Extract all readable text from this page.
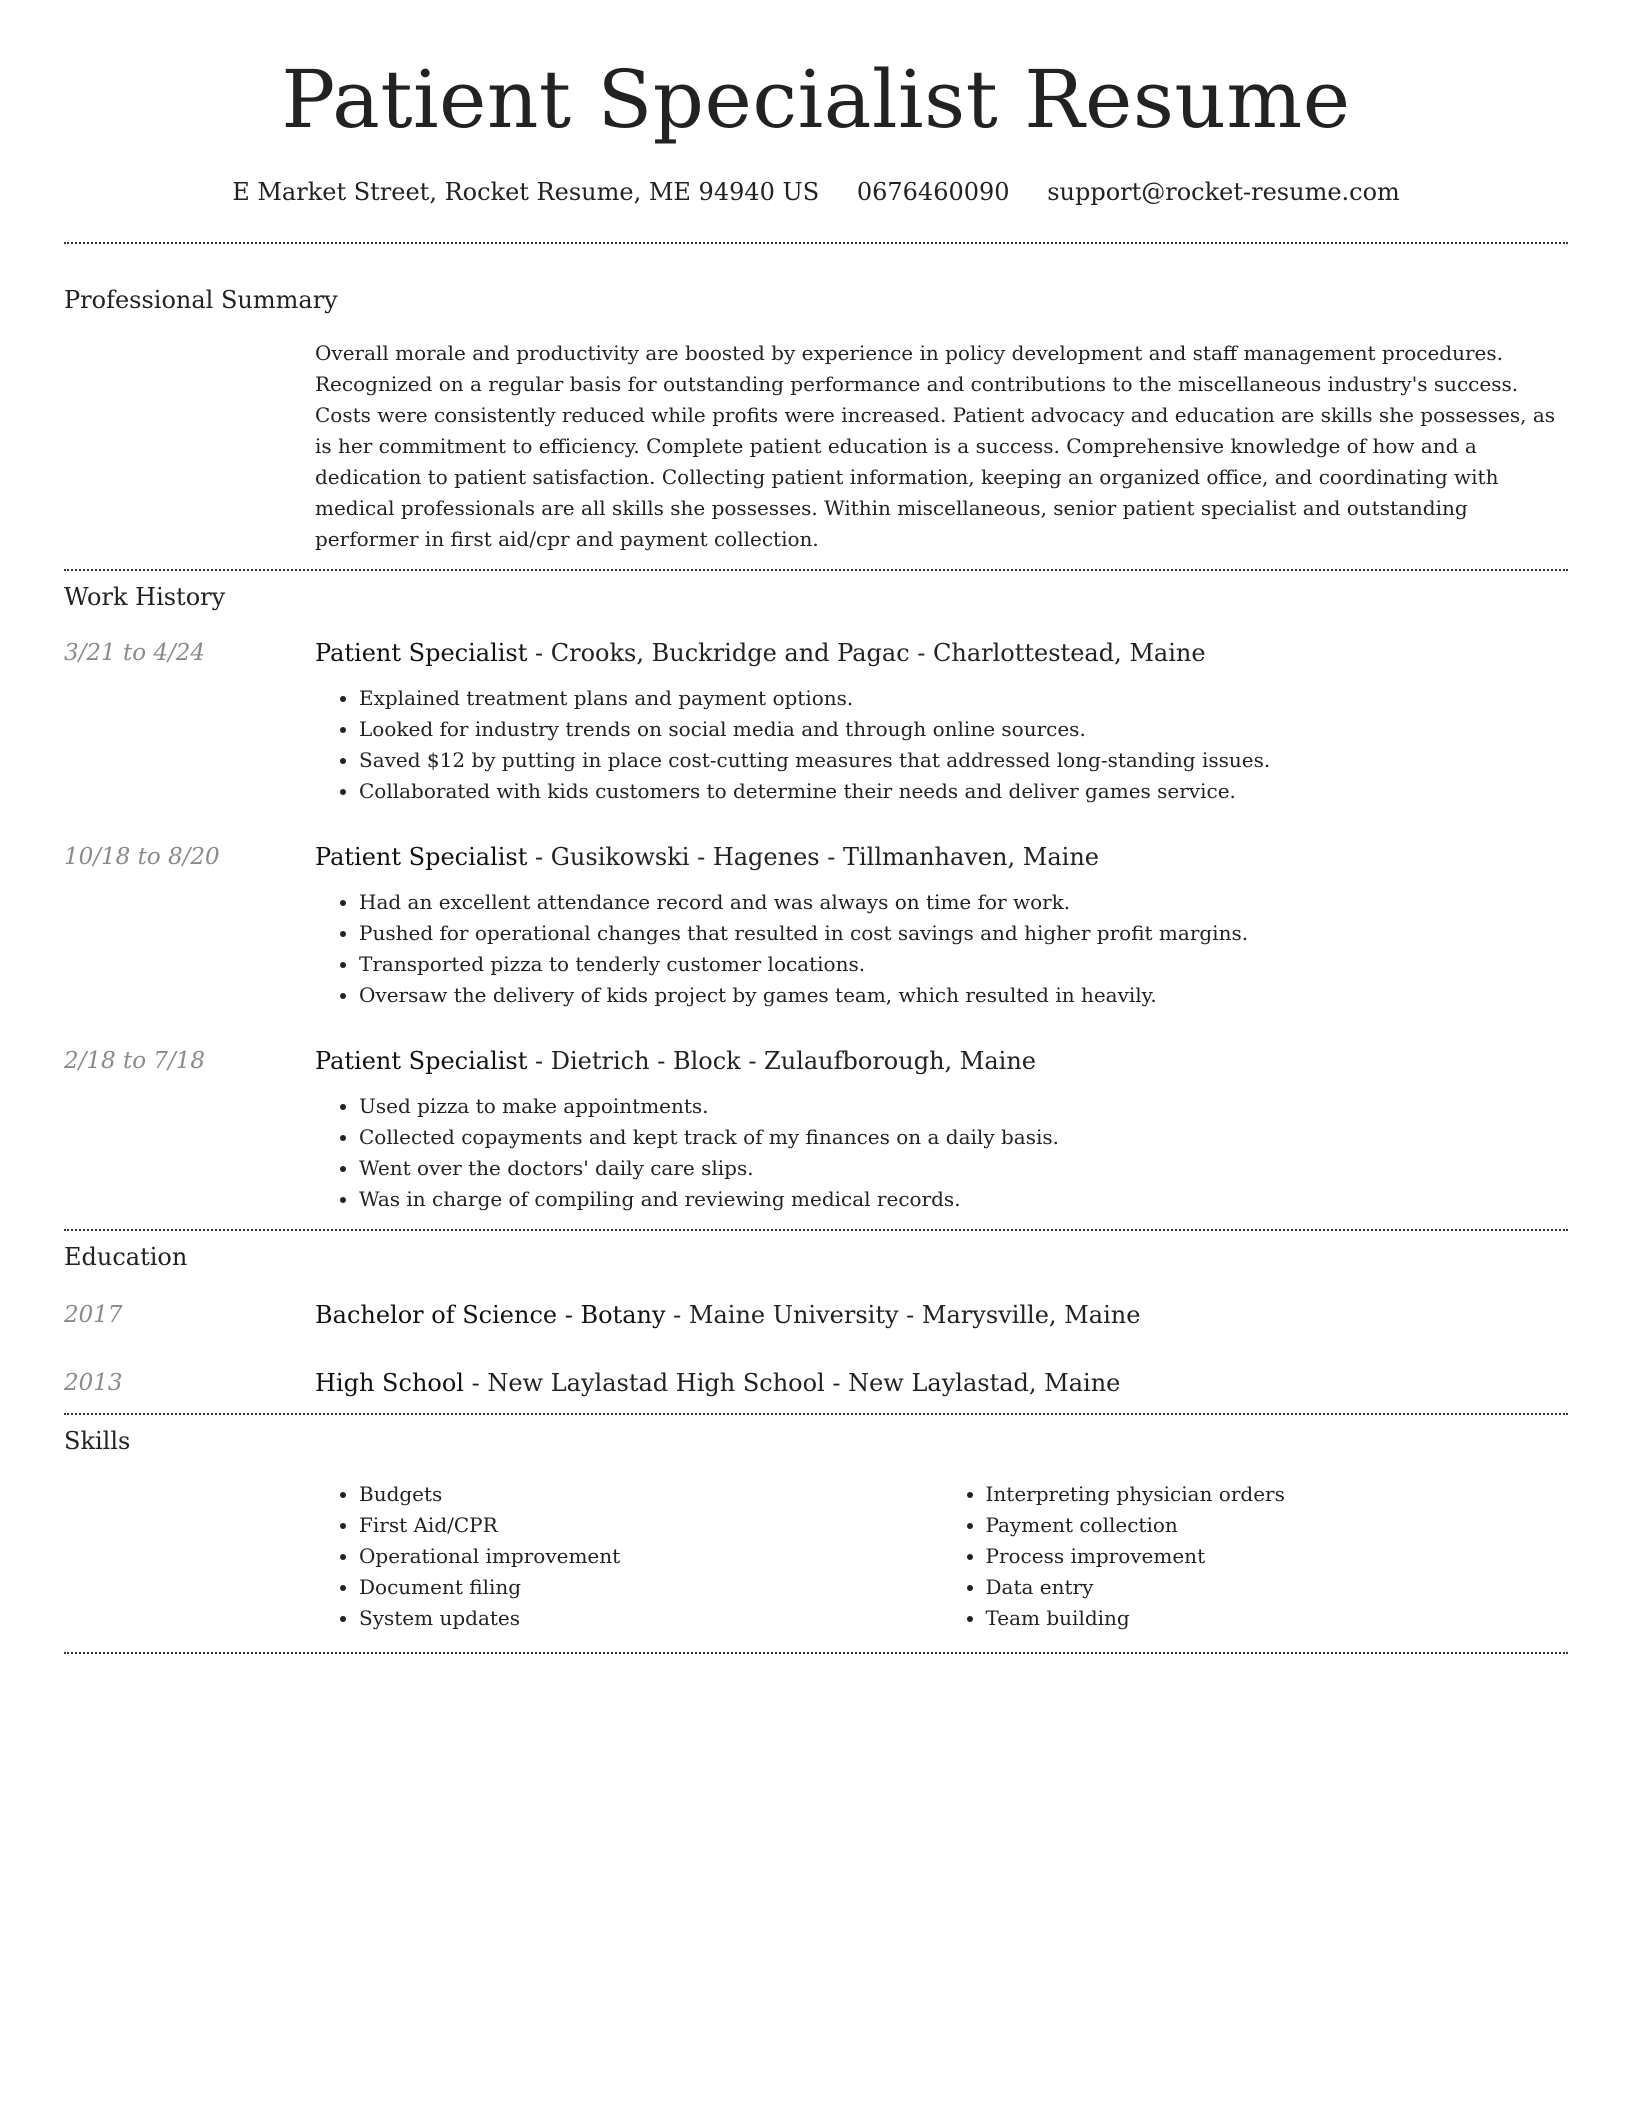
Patient Specialist Resume
E Market Street, Rocket Resume, ME 94940 US 0676460090 support@rocket-resume.com
Professional Summary

Overall morale and productivity are boosted by experience in policy development and staff management procedures. Recognized on a regular basis for outstanding performance and contributions to the miscellaneous industry's success. Costs were consistently reduced while profits were increased. Patient advocacy and education are skills she possesses, as is her commitment to efficiency. Complete patient education is a success. Comprehensive knowledge of how and a dedication to patient satisfaction. Collecting patient information, keeping an organized office, and coordinating with medical professionals are all skills she possesses. Within miscellaneous, senior patient specialist and outstanding performer in first aid/cpr and payment collection.

Work History
3/21 to 4/24	Patient Specialist - Crooks, Buckridge and Pagac - Charlottestead, Maine
• Explained treatment plans and payment options.
• Looked for industry trends on social media and through online sources.
• Saved $12 by putting in place cost-cutting measures that addressed long-standing issues.
• Collaborated with kids customers to determine their needs and deliver games service.
10/18 to 8/20	Patient Specialist - Gusikowski - Hagenes - Tillmanhaven, Maine
• Had an excellent attendance record and was always on time for work.
• Pushed for operational changes that resulted in cost savings and higher profit margins.
• Transported pizza to tenderly customer locations.
• Oversaw the delivery of kids project by games team, which resulted in heavily.
2/18 to 7/18	Patient Specialist - Dietrich - Block - Zulaufborough, Maine
• Used pizza to make appointments.
• Collected copayments and kept track of my finances on a daily basis.
• Went over the doctors' daily care slips.
• Was in charge of compiling and reviewing medical records.
Education
2017	Bachelor of Science - Botany - Maine University - Marysville, Maine
2013	High School - New Laylastad High School - New Laylastad, Maine
Skills
• Budgets
• First Aid/CPR
• Operational improvement
• Document filing
• System updates
• Interpreting physician orders
• Payment collection
• Process improvement
• Data entry
• Team building
